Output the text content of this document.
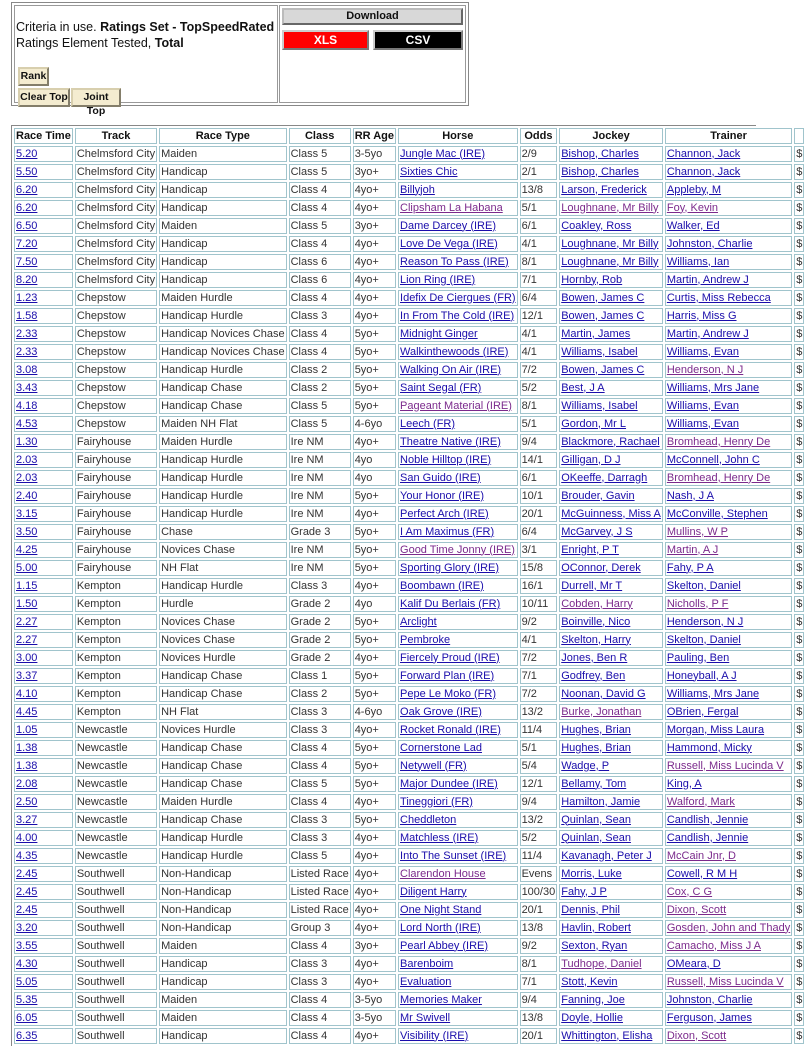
Criteria in use. Ratings Set - TopSpeedRated
Ratings Element Tested, Total
Rank
Clear Top	Joint Top
Download
XLS	CSV
Race Time	Track	Race Type	Class	RR Age	Horse	Odds	Jockey	Trainer	
5.20	Chelmsford City	Maiden	Class 5	3-5yo	Jungle Mac (IRE)	2/9	Bishop, Charles	Channon, Jack	$
5.50	Chelmsford City	Handicap	Class 5	3yo+	Sixties Chic	2/1	Bishop, Charles	Channon, Jack	$
6.20	Chelmsford City	Handicap	Class 4	4yo+	Billyjoh	13/8	Larson, Frederick	Appleby, M	$
6.20	Chelmsford City	Handicap	Class 4	4yo+	Clipsham La Habana	5/1	Loughnane, Mr Billy	Foy, Kevin	$
6.50	Chelmsford City	Maiden	Class 5	3yo+	Dame Darcey (IRE)	6/1	Coakley, Ross	Walker, Ed	$
7.20	Chelmsford City	Handicap	Class 4	4yo+	Love De Vega (IRE)	4/1	Loughnane, Mr Billy	Johnston, Charlie	$
7.50	Chelmsford City	Handicap	Class 6	4yo+	Reason To Pass (IRE)	8/1	Loughnane, Mr Billy	Williams, Ian	$
8.20	Chelmsford City	Handicap	Class 6	4yo+	Lion Ring (IRE)	7/1	Hornby, Rob	Martin, Andrew J	$
1.23	Chepstow	Maiden Hurdle	Class 4	4yo+	Idefix De Ciergues (FR)	6/4	Bowen, James C	Curtis, Miss Rebecca	$
1.58	Chepstow	Handicap Hurdle	Class 3	4yo+	In From The Cold (IRE)	12/1	Bowen, James C	Harris, Miss G	$
2.33	Chepstow	Handicap Novices Chase	Class 4	5yo+	Midnight Ginger	4/1	Martin, James	Martin, Andrew J	$
2.33	Chepstow	Handicap Novices Chase	Class 4	5yo+	Walkinthewoods (IRE)	4/1	Williams, Isabel	Williams, Evan	$
3.08	Chepstow	Handicap Hurdle	Class 2	5yo+	Walking On Air (IRE)	7/2	Bowen, James C	Henderson, N J	$
3.43	Chepstow	Handicap Chase	Class 2	5yo+	Saint Segal (FR)	5/2	Best, J A	Williams, Mrs Jane	$
4.18	Chepstow	Handicap Chase	Class 5	5yo+	Pageant Material (IRE)	8/1	Williams, Isabel	Williams, Evan	$
4.53	Chepstow	Maiden NH Flat	Class 5	4-6yo	Leech (FR)	5/1	Gordon, Mr L	Williams, Evan	$
1.30	Fairyhouse	Maiden Hurdle	Ire NM	4yo+	Theatre Native (IRE)	9/4	Blackmore, Rachael	Bromhead, Henry De	$
2.03	Fairyhouse	Handicap Hurdle	Ire NM	4yo	Noble Hilltop (IRE)	14/1	Gilligan, D J	McConnell, John C	$
2.03	Fairyhouse	Handicap Hurdle	Ire NM	4yo	San Guido (IRE)	6/1	OKeeffe, Darragh	Bromhead, Henry De	$
2.40	Fairyhouse	Handicap Hurdle	Ire NM	5yo+	Your Honor (IRE)	10/1	Brouder, Gavin	Nash, J A	$
3.15	Fairyhouse	Handicap Hurdle	Ire NM	4yo+	Perfect Arch (IRE)	20/1	McGuinness, Miss A	McConville, Stephen	$
3.50	Fairyhouse	Chase	Grade 3	5yo+	I Am Maximus (FR)	6/4	McGarvey, J S	Mullins, W P	$
4.25	Fairyhouse	Novices Chase	Ire NM	5yo+	Good Time Jonny (IRE)	3/1	Enright, P T	Martin, A J	$
5.00	Fairyhouse	NH Flat	Ire NM	5yo+	Sporting Glory (IRE)	15/8	OConnor, Derek	Fahy, P A	$
1.15	Kempton	Handicap Hurdle	Class 3	4yo+	Boombawn (IRE)	16/1	Durrell, Mr T	Skelton, Daniel	$
1.50	Kempton	Hurdle	Grade 2	4yo	Kalif Du Berlais (FR)	10/11	Cobden, Harry	Nicholls, P F	$
2.27	Kempton	Novices Chase	Grade 2	5yo+	Arclight	9/2	Boinville, Nico	Henderson, N J	$
2.27	Kempton	Novices Chase	Grade 2	5yo+	Pembroke	4/1	Skelton, Harry	Skelton, Daniel	$
3.00	Kempton	Novices Hurdle	Grade 2	4yo+	Fiercely Proud (IRE)	7/2	Jones, Ben R	Pauling, Ben	$
3.37	Kempton	Handicap Chase	Class 1	5yo+	Forward Plan (IRE)	7/1	Godfrey, Ben	Honeyball, A J	$
4.10	Kempton	Handicap Chase	Class 2	5yo+	Pepe Le Moko (FR)	7/2	Noonan, David G	Williams, Mrs Jane	$
4.45	Kempton	NH Flat	Class 3	4-6yo	Oak Grove (IRE)	13/2	Burke, Jonathan	OBrien, Fergal	$
1.05	Newcastle	Novices Hurdle	Class 3	4yo+	Rocket Ronald (IRE)	11/4	Hughes, Brian	Morgan, Miss Laura	$
1.38	Newcastle	Handicap Chase	Class 4	5yo+	Cornerstone Lad	5/1	Hughes, Brian	Hammond, Micky	$
1.38	Newcastle	Handicap Chase	Class 4	5yo+	Netywell (FR)	5/4	Wadge, P	Russell, Miss Lucinda V	$
2.08	Newcastle	Handicap Chase	Class 5	5yo+	Major Dundee (IRE)	12/1	Bellamy, Tom	King, A	$
2.50	Newcastle	Maiden Hurdle	Class 4	4yo+	Tineggiori (FR)	9/4	Hamilton, Jamie	Walford, Mark	$
3.27	Newcastle	Handicap Chase	Class 3	5yo+	Cheddleton	13/2	Quinlan, Sean	Candlish, Jennie	$
4.00	Newcastle	Handicap Hurdle	Class 3	4yo+	Matchless (IRE)	5/2	Quinlan, Sean	Candlish, Jennie	$
4.35	Newcastle	Handicap Hurdle	Class 5	4yo+	Into The Sunset (IRE)	11/4	Kavanagh, Peter J	McCain Jnr, D	$
2.45	Southwell	Non-Handicap	Listed Race	4yo+	Clarendon House	Evens	Morris, Luke	Cowell, R M H	$
2.45	Southwell	Non-Handicap	Listed Race	4yo+	Diligent Harry	100/30	Fahy, J P	Cox, C G	$
2.45	Southwell	Non-Handicap	Listed Race	4yo+	One Night Stand	20/1	Dennis, Phil	Dixon, Scott	$
3.20	Southwell	Non-Handicap	Group 3	4yo+	Lord North (IRE)	13/8	Havlin, Robert	Gosden, John and Thady	$
3.55	Southwell	Maiden	Class 4	3yo+	Pearl Abbey (IRE)	9/2	Sexton, Ryan	Camacho, Miss J A	$
4.30	Southwell	Handicap	Class 3	4yo+	Barenboim	8/1	Tudhope, Daniel	OMeara, D	$
5.05	Southwell	Handicap	Class 3	4yo+	Evaluation	7/1	Stott, Kevin	Russell, Miss Lucinda V	$
5.35	Southwell	Maiden	Class 4	3-5yo	Memories Maker	9/4	Fanning, Joe	Johnston, Charlie	$
6.05	Southwell	Maiden	Class 4	3-5yo	Mr Swivell	13/8	Doyle, Hollie	Ferguson, James	$
6.35	Southwell	Handicap	Class 4	4yo+	Visibility (IRE)	20/1	Whittington, Elisha	Dixon, Scott	$
